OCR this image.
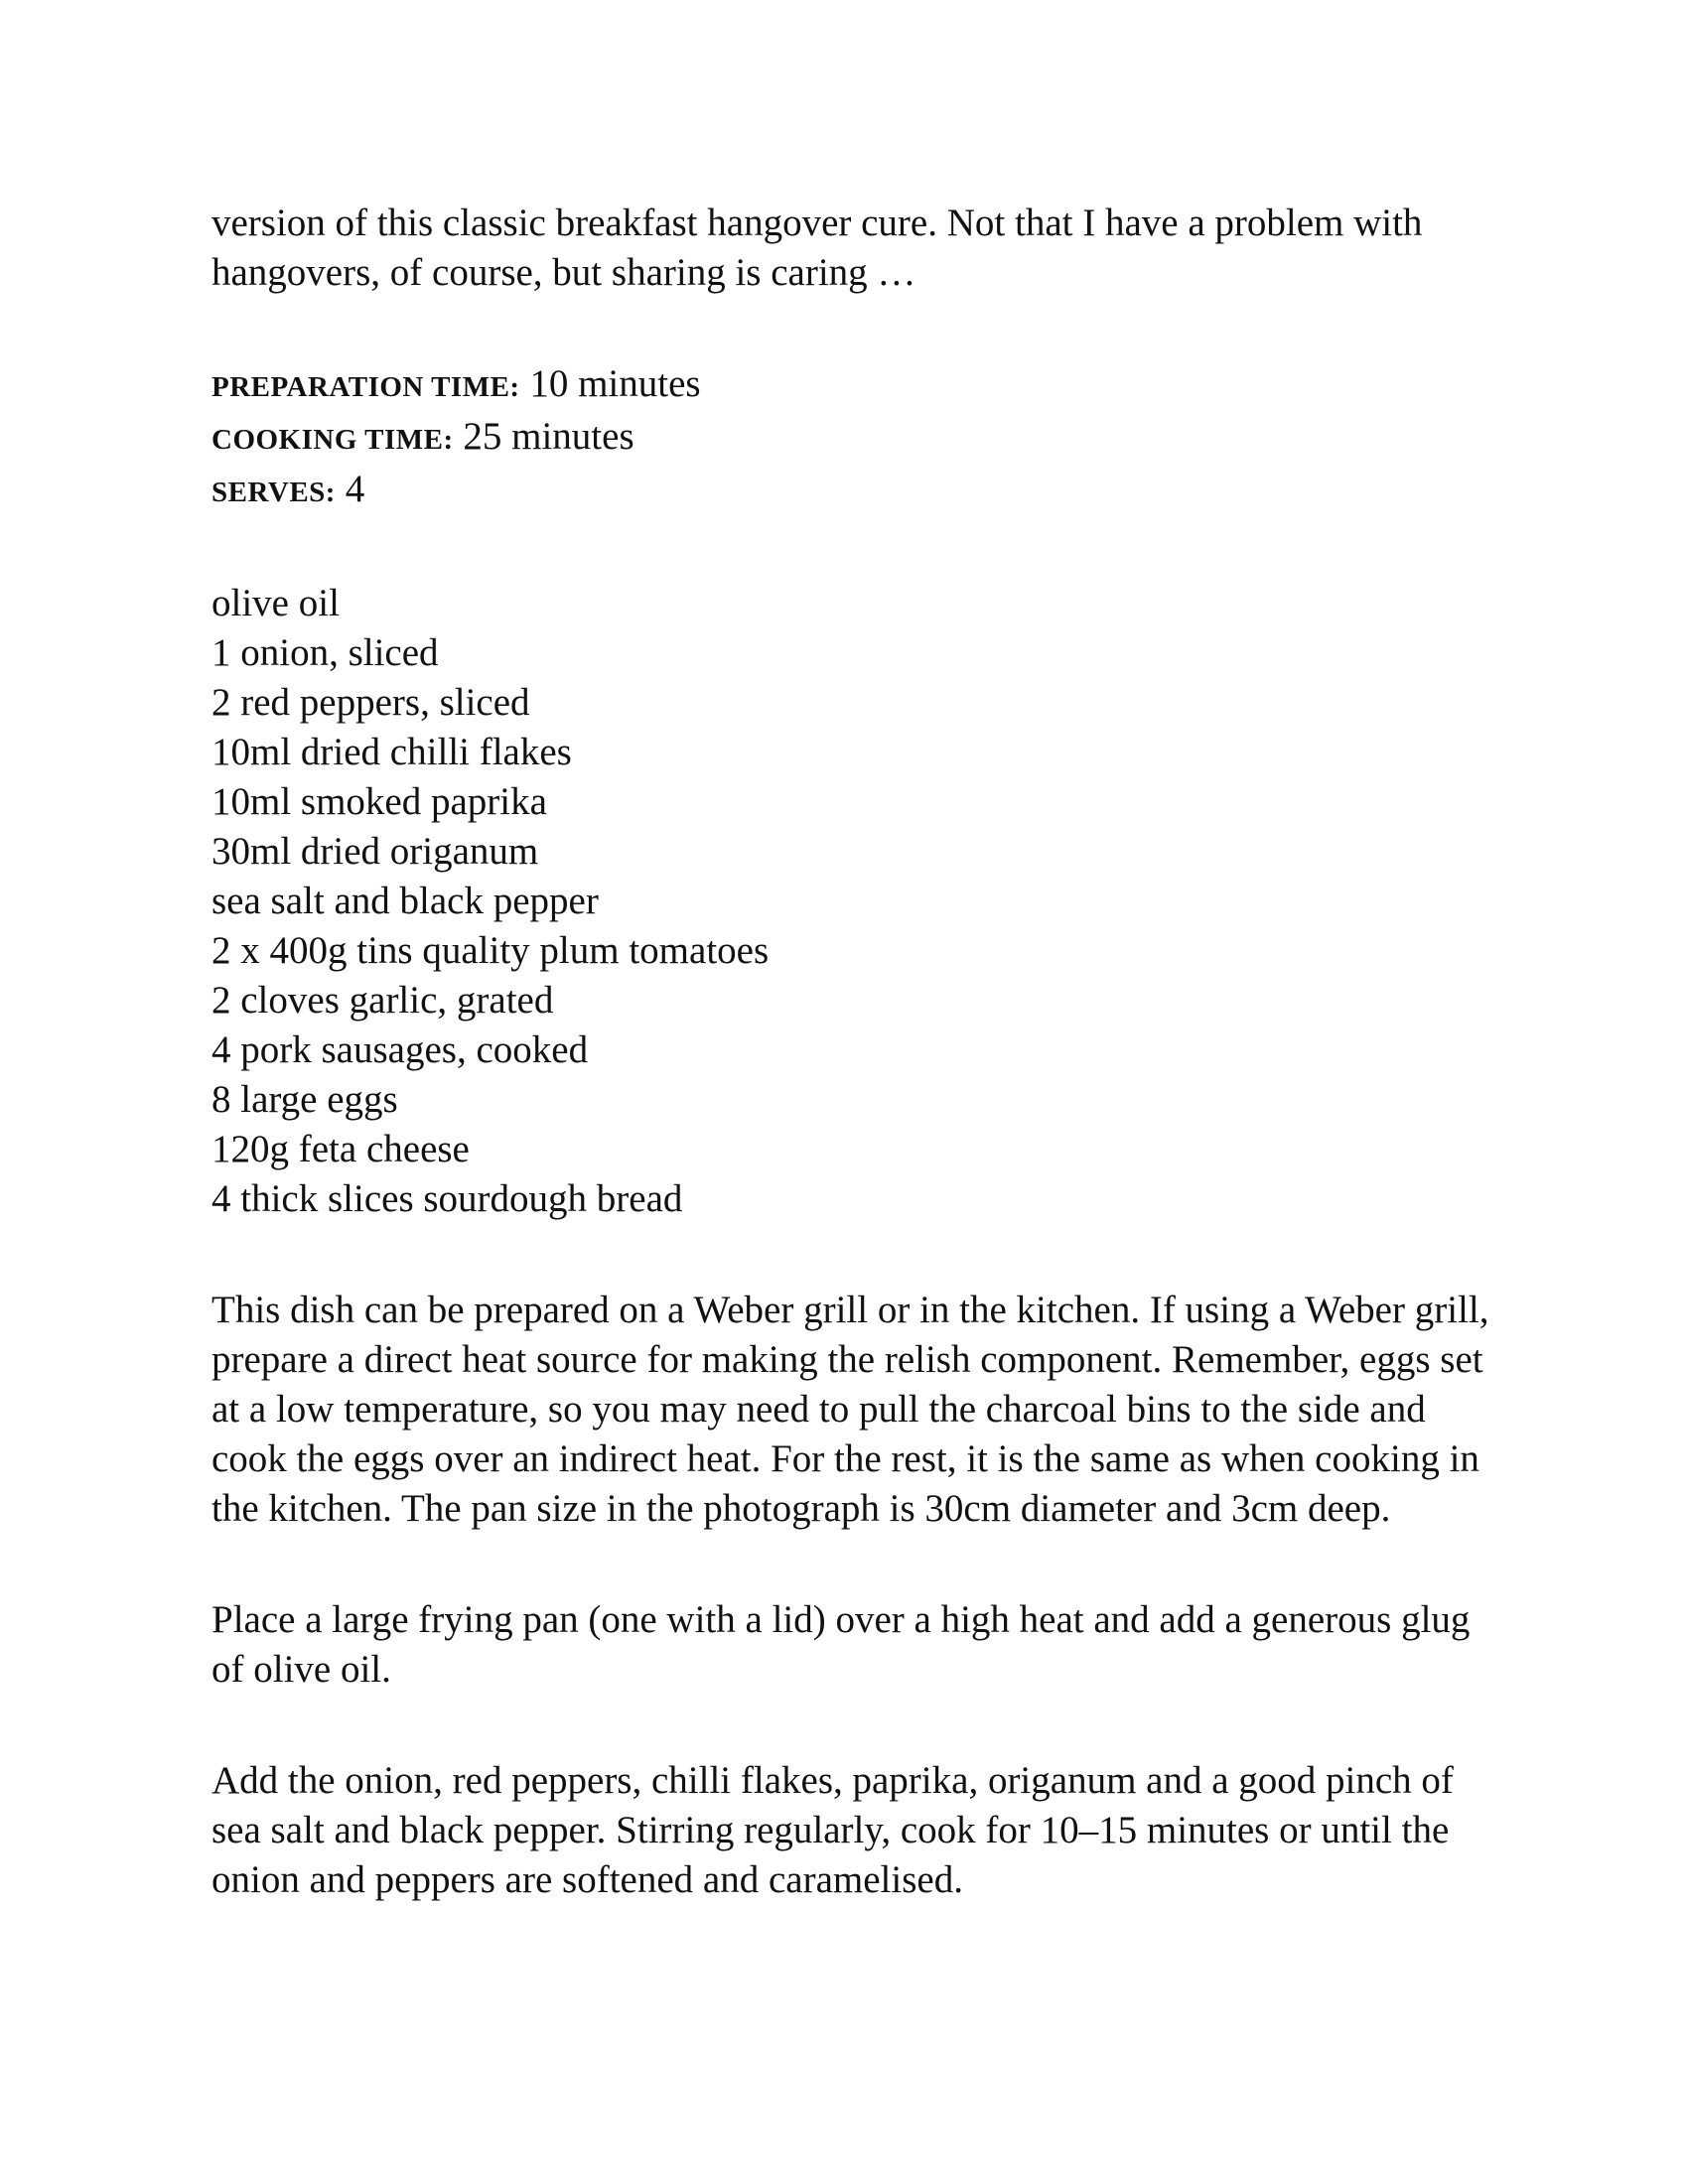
version of this classic breakfast hangover cure. Not that I have a problem with hangovers, of course, but sharing is caring …

PREPARATION TIME: 10 minutes

COOKING TIME: 25 minutes

SERVES: 4

olive oil
1 onion, sliced
2 red peppers, sliced
10ml dried chilli flakes
10ml smoked paprika
30ml dried origanum
sea salt and black pepper
2 x 400g tins quality plum tomatoes
2 cloves garlic, grated
4 pork sausages, cooked
8 large eggs
120g feta cheese
4 thick slices sourdough bread

This dish can be prepared on a Weber grill or in the kitchen. If using a Weber grill, prepare a direct heat source for making the relish component. Remember, eggs set at a low temperature, so you may need to pull the charcoal bins to the side and cook the eggs over an indirect heat. For the rest, it is the same as when cooking in the kitchen. The pan size in the photograph is 30cm diameter and 3cm deep.

Place a large frying pan (one with a lid) over a high heat and add a generous glug of olive oil.

Add the onion, red peppers, chilli flakes, paprika, origanum and a good pinch of sea salt and black pepper. Stirring regularly, cook for 10–15 minutes or until the onion and peppers are softened and caramelised.
